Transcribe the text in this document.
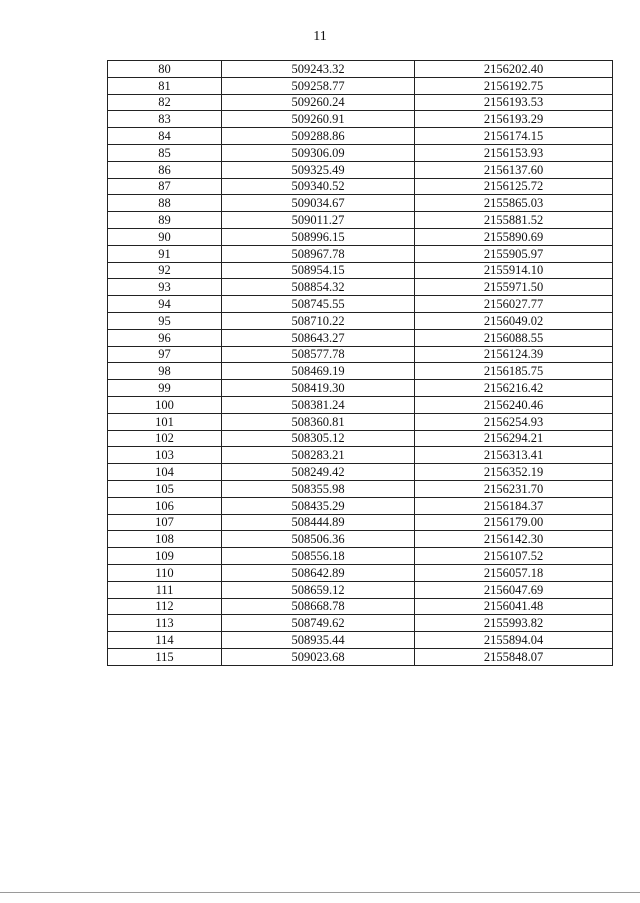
11
80	509243.32	2156202.40
81	509258.77	2156192.75
82	509260.24	2156193.53
83	509260.91	2156193.29
84	509288.86	2156174.15
85	509306.09	2156153.93
86	509325.49	2156137.60
87	509340.52	2156125.72
88	509034.67	2155865.03
89	509011.27	2155881.52
90	508996.15	2155890.69
91	508967.78	2155905.97
92	508954.15	2155914.10
93	508854.32	2155971.50
94	508745.55	2156027.77
95	508710.22	2156049.02
96	508643.27	2156088.55
97	508577.78	2156124.39
98	508469.19	2156185.75
99	508419.30	2156216.42
100	508381.24	2156240.46
101	508360.81	2156254.93
102	508305.12	2156294.21
103	508283.21	2156313.41
104	508249.42	2156352.19
105	508355.98	2156231.70
106	508435.29	2156184.37
107	508444.89	2156179.00
108	508506.36	2156142.30
109	508556.18	2156107.52
110	508642.89	2156057.18
111	508659.12	2156047.69
112	508668.78	2156041.48
113	508749.62	2155993.82
114	508935.44	2155894.04
115	509023.68	2155848.07
